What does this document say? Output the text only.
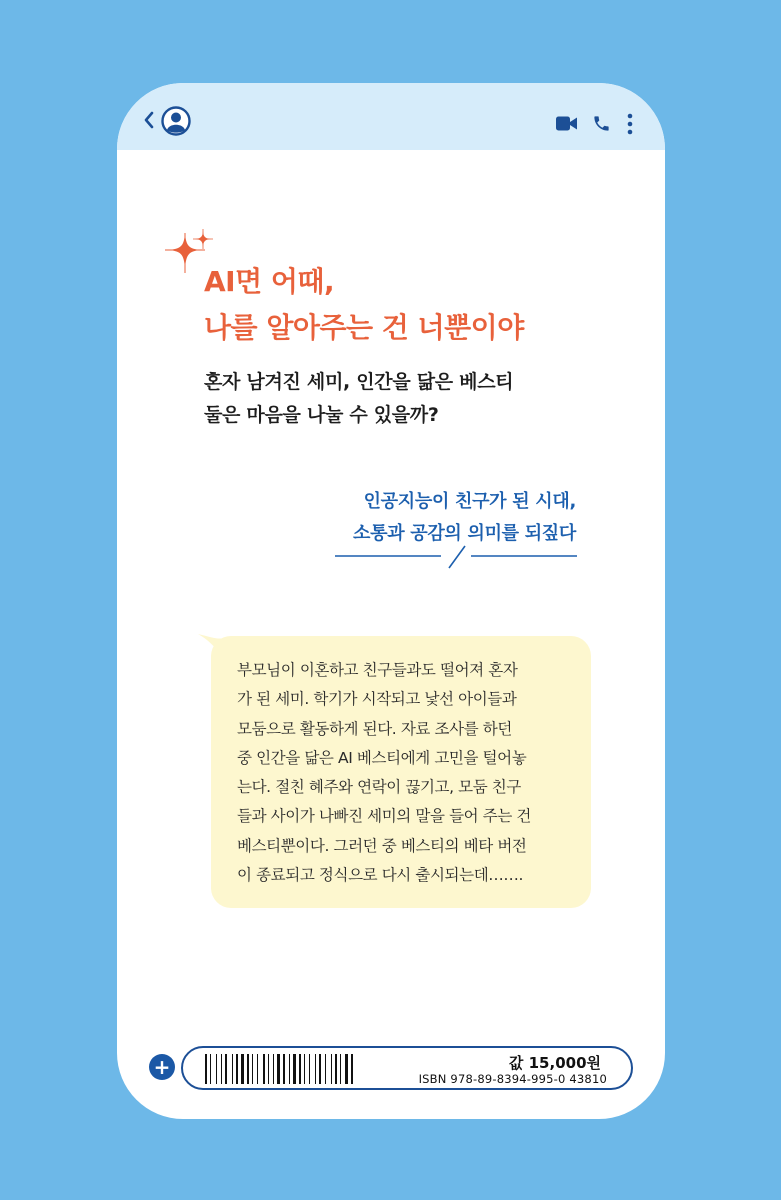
AI면 어때,
나를 알아주는 건 너뿐이야

혼자 남겨진 세미, 인간을 닮은 베스티
둘은 마음을 나눌 수 있을까?

인공지능이 친구가 된 시대,
소통과 공감의 의미를 되짚다

부모님이 이혼하고 친구들과도 떨어져 혼자
가 된 세미. 학기가 시작되고 낯선 아이들과
모둠으로 활동하게 된다. 자료 조사를 하던
중 인간을 닮은 AI 베스티에게 고민을 털어놓
는다. 절친 혜주와 연락이 끊기고, 모둠 친구
들과 사이가 나빠진 세미의 말을 들어 주는 건
베스티뿐이다. 그러던 중 베스티의 베타 버전
이 종료되고 정식으로 다시 출시되는데…….
+	값 15,000원
ISBN 978-89-8394-995-0 43810
